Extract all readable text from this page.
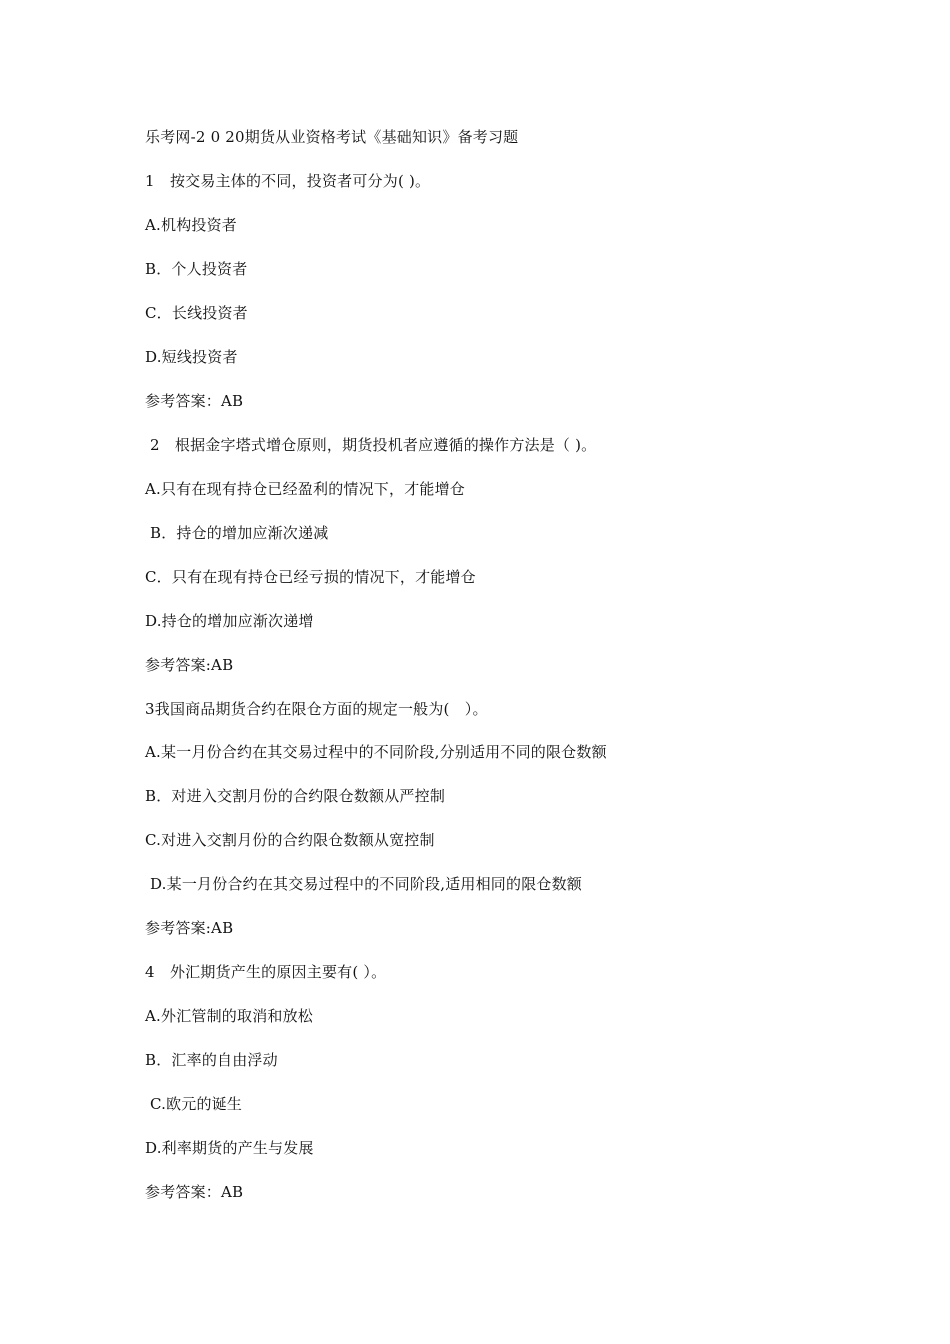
乐考网-2 0 20期货从业资格考试《基础知识》备考习题
1　按交易主体的不同，投资者可分为( )。
A.机构投资者
B．个人投资者
C．长线投资者
D.短线投资者
参考答案：AB
2　根据金字塔式增仓原则，期货投机者应遵循的操作方法是（ )。
A.只有在现有持仓已经盈利的情况下，才能增仓
B．持仓的增加应渐次递减
C．只有在现有持仓已经亏损的情况下，才能增仓
D.持仓的增加应渐次递增
参考答案:AB
3我国商品期货合约在限仓方面的规定一般为(　）。
A.某一月份合约在其交易过程中的不同阶段,分别适用不同的限仓数额
B．对进入交割月份的合约限仓数额从严控制
C.对进入交割月份的合约限仓数额从宽控制
D.某一月份合约在其交易过程中的不同阶段,适用相同的限仓数额
参考答案:AB
4　外汇期货产生的原因主要有( ）。
A.外汇管制的取消和放松
B．汇率的自由浮动
C.欧元的诞生
D.利率期货的产生与发展
参考答案：AB
